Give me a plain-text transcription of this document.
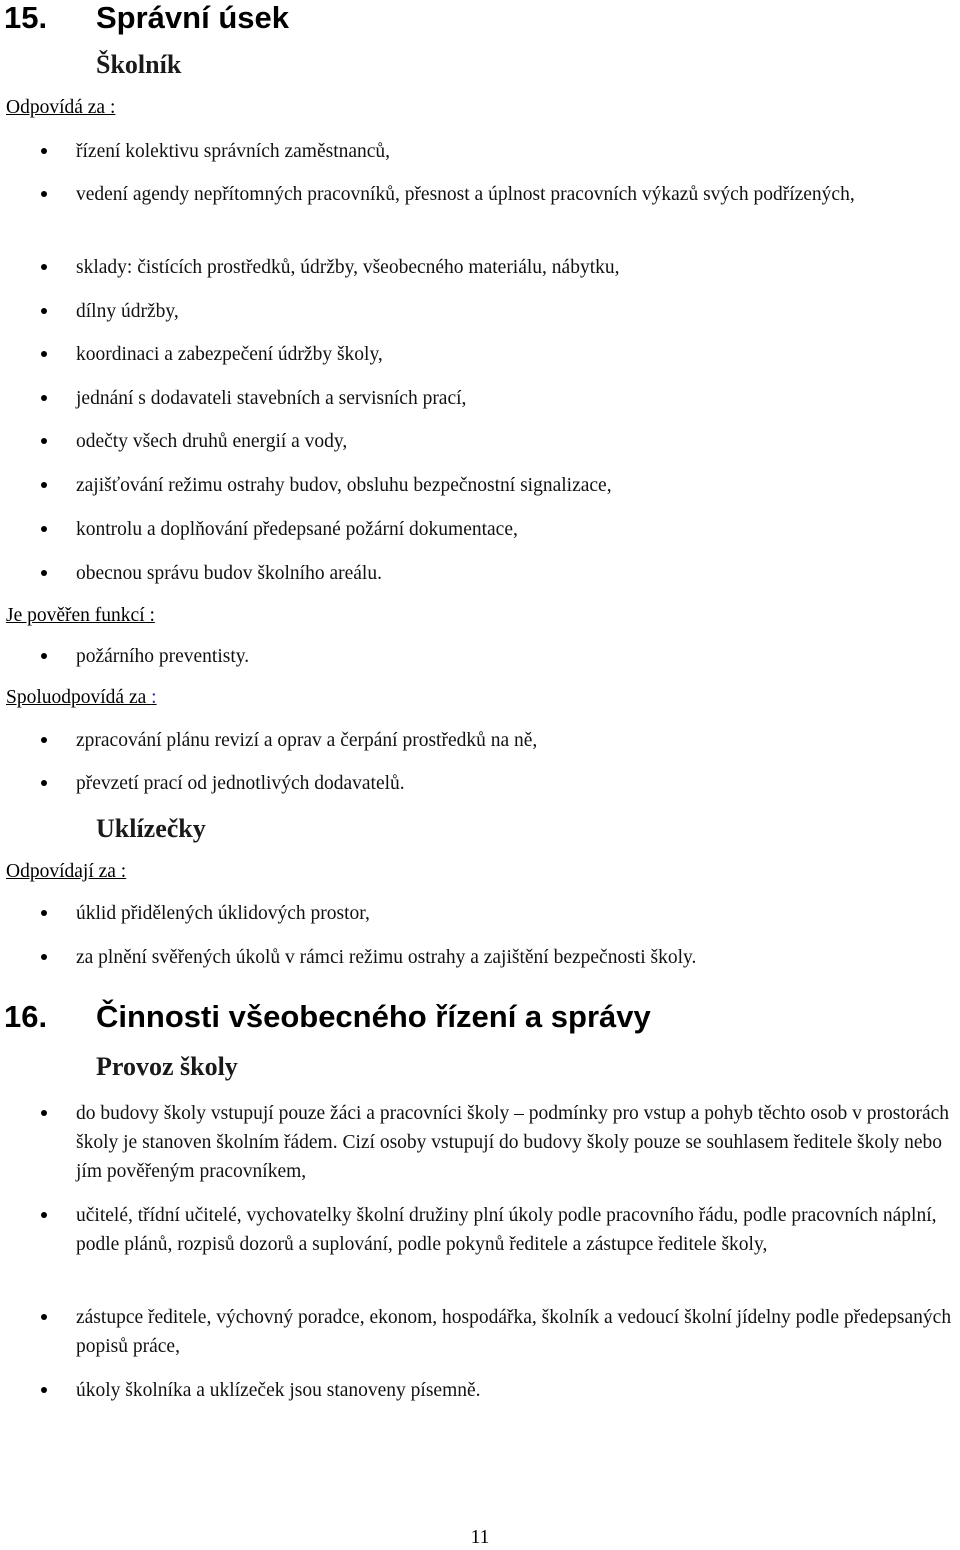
15. Správní úsek
Školník
Odpovídá za :
řízení kolektivu správních zaměstnanců,
vedení agendy nepřítomných pracovníků, přesnost a úplnost pracovních výkazů svých podřízených,
sklady: čistících prostředků, údržby, všeobecného materiálu, nábytku,
dílny údržby,
koordinaci a zabezpečení údržby školy,
jednání s dodavateli stavebních a servisních prací,
odečty všech druhů energií a vody,
zajišťování režimu ostrahy budov, obsluhu bezpečnostní signalizace,
kontrolu a doplňování předepsané požární dokumentace,
obecnou správu budov školního areálu.
Je pověřen funkcí :
požárního preventisty.
Spoluodpovídá za :
zpracování plánu revizí a oprav a čerpání prostředků na ně,
převzetí prací od jednotlivých dodavatelů.
Uklízečky
Odpovídají za :
úklid přidělených úklidových prostor,
za plnění svěřených úkolů v rámci režimu ostrahy a zajištění bezpečnosti školy.
16. Činnosti všeobecného řízení a správy
Provoz školy
do budovy školy vstupují pouze žáci a pracovníci školy – podmínky pro vstup a pohyb těchto osob v prostorách školy je stanoven školním řádem. Cizí osoby vstupují do budovy školy pouze se souhlasem ředitele školy nebo jím pověřeným pracovníkem,
učitelé, třídní učitelé, vychovatelky školní družiny plní úkoly podle pracovního řádu, podle pracovních náplní, podle plánů, rozpisů dozorů a suplování, podle pokynů ředitele a zástupce ředitele školy,
zástupce ředitele, výchovný poradce, ekonom, hospodářka, školník a vedoucí školní jídelny podle předepsaných popisů práce,
úkoly školníka a uklízeček jsou stanoveny písemně.
11
